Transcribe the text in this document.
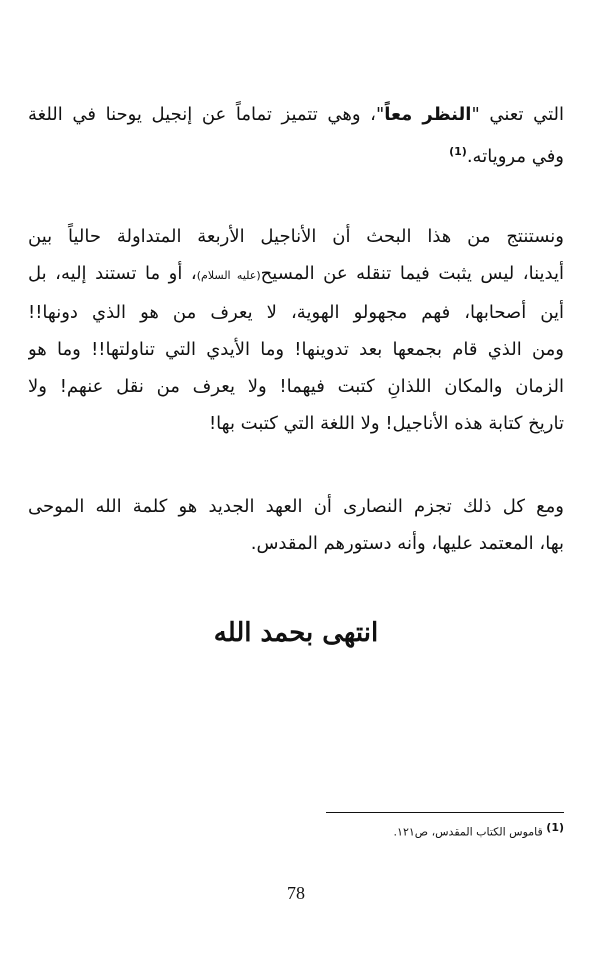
التي تعني "النظر معاً"، وهي تتميز تماماً عن إنجيل يوحنا في اللغة
وفي مروياته.$^{(1)}$
ونستنتج من هذا البحث أن الأناجيل الأربعة المتداولة حالياً بين
أيدينا، ليس يثبت فيما تنقله عن المسيح(عليه السلام)، أو ما تستند إليه، بل
أين أصحابها، فهم مجهولو الهوية، لا يعرف من هو الذي دونها!!
ومن الذي قام بجمعها بعد تدوينها! وما الأيدي التي تناولتها!! وما هو
الزمان والمكان اللذانِ كتبت فيهما! ولا يعرف من نقل عنهم! ولا
تاريخ كتابة هذه الأناجيل! ولا اللغة التي كتبت بها!
ومع كل ذلك تجزم النصارى أن العهد الجديد هو كلمة الله الموحى
بها، المعتمد عليها، وأنه دستورهم المقدس.
انتهى بحمد الله
$^{(1)}$ قاموس الكتاب المقدس، ص١٢١.
78
